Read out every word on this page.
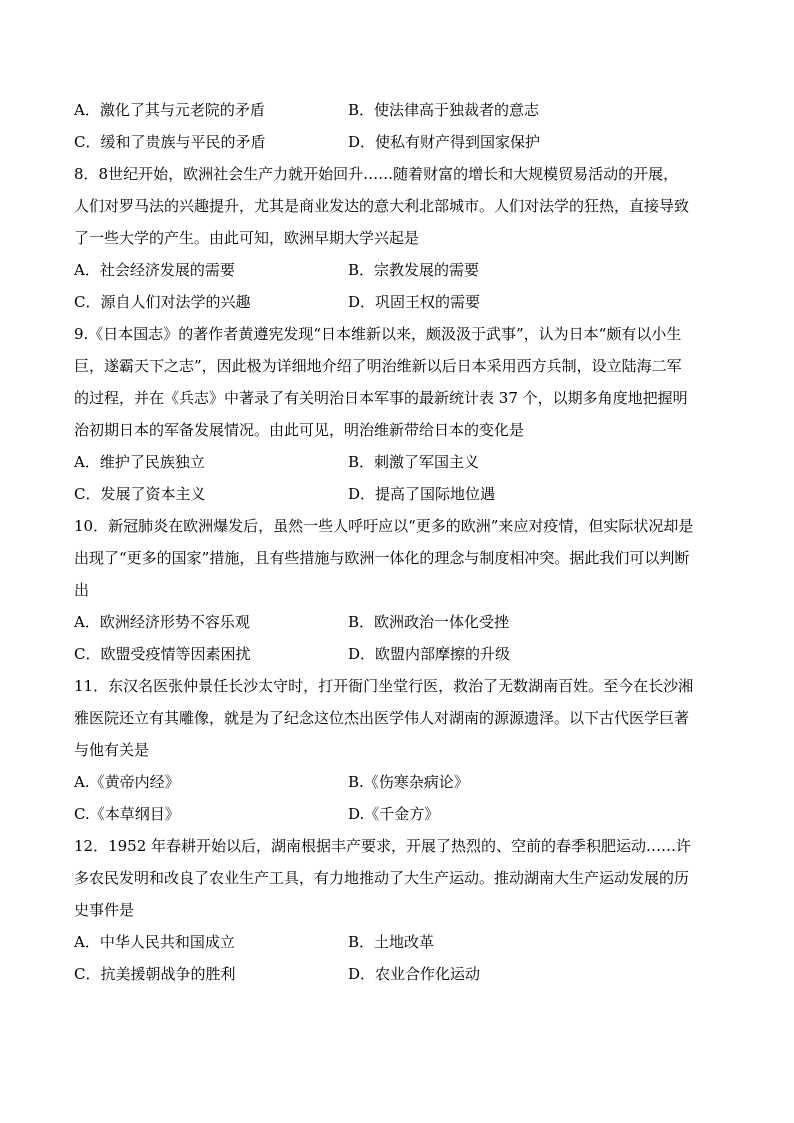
A．激化了其与元老院的矛盾	B．使法律高于独裁者的意志
C．缓和了贵族与平民的矛盾	D．使私有财产得到国家保护
8．8世纪开始，欧洲社会生产力就开始回升……随着财富的增长和大规模贸易活动的开展，
人们对罗马法的兴趣提升，尤其是商业发达的意大利北部城市。人们对法学的狂热，直接导致
了一些大学的产生。由此可知，欧洲早期大学兴起是
A．社会经济发展的需要	B．宗教发展的需要
C．源自人们对法学的兴趣	D．巩固王权的需要
9.《日本国志》的著作者黄遵宪发现“日本维新以来，颇汲汲于武事”，认为日本“颇有以小生
巨，遂霸天下之志”，因此极为详细地介绍了明治维新以后日本采用西方兵制，设立陆海二军
的过程，并在《兵志》中著录了有关明治日本军事的最新统计表 37 个，以期多角度地把握明
治初期日本的军备发展情况。由此可见，明治维新带给日本的变化是
A．维护了民族独立	B．刺激了军国主义
C．发展了资本主义	D．提高了国际地位遇
10．新冠肺炎在欧洲爆发后，虽然一些人呼吁应以“更多的欧洲”来应对疫情，但实际状况却是
出现了“更多的国家”措施，且有些措施与欧洲一体化的理念与制度相冲突。据此我们可以判断
出
A．欧洲经济形势不容乐观	B．欧洲政治一体化受挫
C．欧盟受疫情等因素困扰	D．欧盟内部摩擦的升级
11．东汉名医张仲景任长沙太守时，打开衙门坐堂行医，救治了无数湖南百姓。至今在长沙湘
雅医院还立有其雕像，就是为了纪念这位杰出医学伟人对湖南的源源遗泽。以下古代医学巨著
与他有关是
A.《黄帝内经》	B.《伤寒杂病论》
C.《本草纲目》	D.《千金方》
12．1952 年春耕开始以后，湖南根据丰产要求，开展了热烈的、空前的春季积肥运动……许
多农民发明和改良了农业生产工具，有力地推动了大生产运动。推动湖南大生产运动发展的历
史事件是
A．中华人民共和国成立	B．土地改革
C．抗美援朝战争的胜利	D．农业合作化运动
